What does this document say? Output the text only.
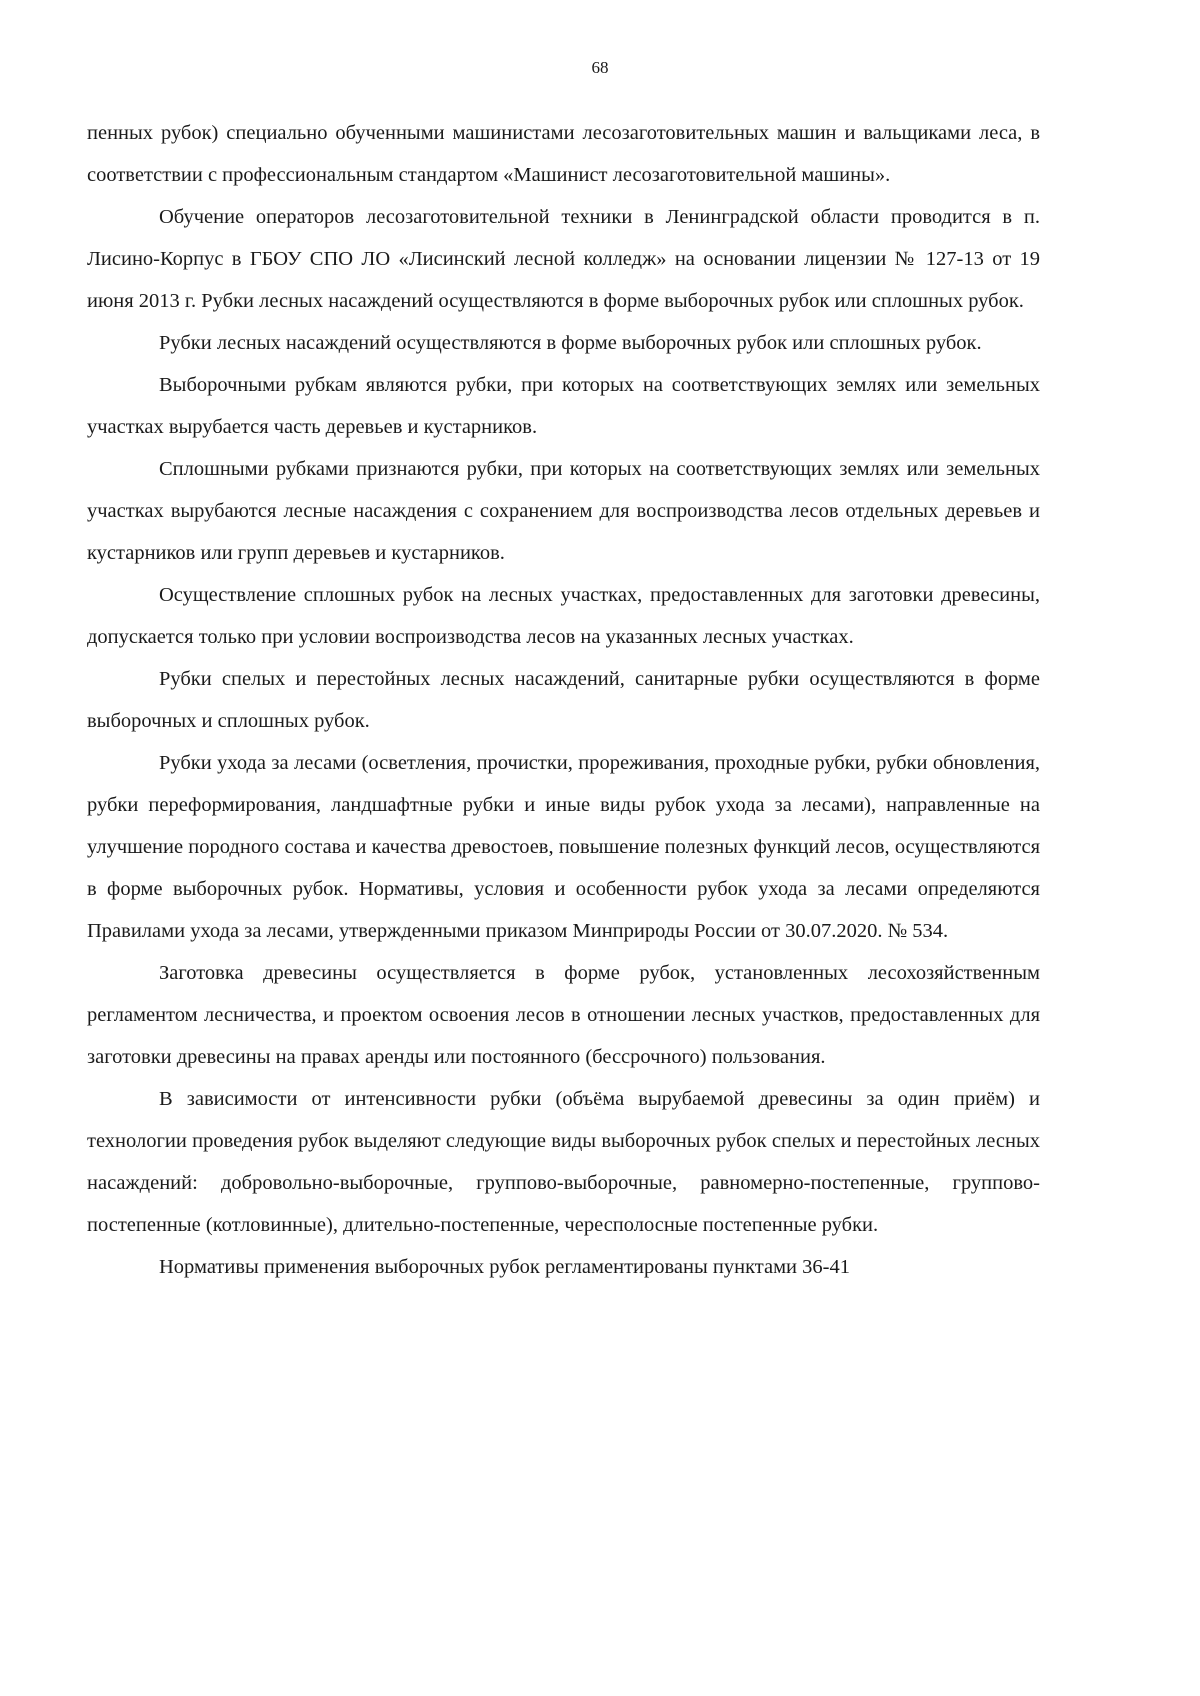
68

пенных рубок) специально обученными машинистами лесозаготовительных машин и вальщиками леса, в соответствии с профессиональным стандартом «Машинист лесозаготовительной машины».

Обучение операторов лесозаготовительной техники в Ленинградской области проводится в п. Лисино-Корпус в ГБОУ СПО ЛО «Лисинский лесной колледж» на основании лицензии № 127-13 от 19 июня 2013 г. Рубки лесных насаждений осуществляются в форме выборочных рубок или сплошных рубок.

Рубки лесных насаждений осуществляются в форме выборочных рубок или сплошных рубок.

Выборочными рубкам являются рубки, при которых на соответствующих землях или земельных участках вырубается часть деревьев и кустарников.

Сплошными рубками признаются рубки, при которых на соответствующих землях или земельных участках вырубаются лесные насаждения с сохранением для воспроизводства лесов отдельных деревьев и кустарников или групп деревьев и кустарников.

Осуществление сплошных рубок на лесных участках, предоставленных для заготовки древесины, допускается только при условии воспроизводства лесов на указанных лесных участках.

Рубки спелых и перестойных лесных насаждений, санитарные рубки осуществляются в форме выборочных и сплошных рубок.

Рубки ухода за лесами (осветления, прочистки, прореживания, проходные рубки, рубки обновления, рубки переформирования, ландшафтные рубки и иные виды рубок ухода за лесами), направленные на улучшение породного состава и качества древостоев, повышение полезных функций лесов, осуществляются в форме выборочных рубок. Нормативы, условия и особенности рубок ухода за лесами определяются Правилами ухода за лесами, утвержденными приказом Минприроды России от 30.07.2020. № 534.

Заготовка древесины осуществляется в форме рубок, установленных лесохозяйственным регламентом лесничества, и проектом освоения лесов в отношении лесных участков, предоставленных для заготовки древесины на правах аренды или постоянного (бессрочного) пользования.

В зависимости от интенсивности рубки (объёма вырубаемой древесины за один приём) и технологии проведения рубок выделяют следующие виды выборочных рубок спелых и перестойных лесных насаждений: добровольно-выборочные, группово-выборочные, равномерно-постепенные, группово-постепенные (котловинные), длительно-постепенные, чересполосные постепенные рубки.

Нормативы применения выборочных рубок регламентированы пунктами 36-41
